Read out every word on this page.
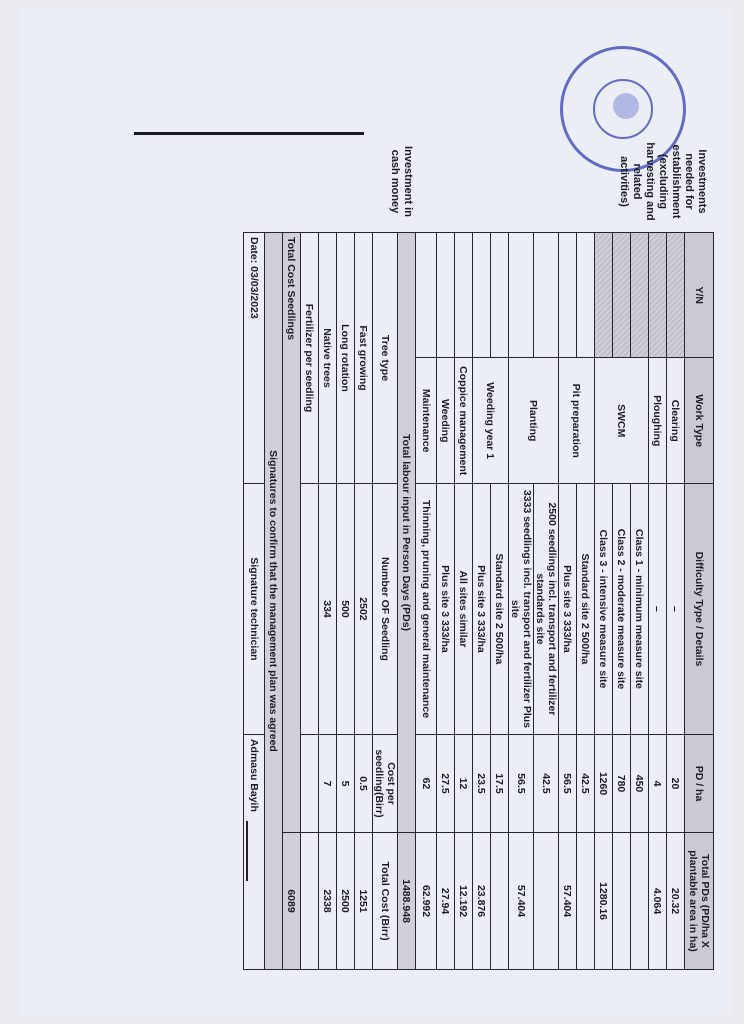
Investments needed for establishment (excluding harvesting and related activities)
Investment in cash money
Y/N	Work Type	Difficulty Type / Details	PD / ha	Total PDs (PD/ha X plantable area in ha)
	Clearing	–	20	20.32
	Ploughing	–	4	4.064
	SWCM	Class 1 - minimum measure site	450	
		Class 2 - moderate measure site	780	
		Class 3 - intensive measure site	1260	1280.16
	Pit preparation	Standard site 2 500/ha	42.5	
		Plus site 3 333/ha	56.5	57.404
	Planting	2500 seedlings incl. transport and fertilizer standards site	42.5	
		3333 seedlings incl. transport and fertilizer Plus site	56.5	57.404
	Weeding year 1	Standard site 2 500/ha	17.5	
		Plus site 3 333/ha	23.5	23.876
	Coppice management	All sites similar	12	12.192
	Weeding	Plus site 3 333/ha	27.5	27.94
	Maintenance	Thinning, pruning and general maintenance	62	62.992
Total labour input in Person Days (PDs)				1488.948
Tree type		Number OF Seedling	Cost per seedling(Birr)	Total Cost (Birr)
Fast growing		2502	0.5	1251
Long rotation		500	5	2500
Native trees		334	7	2338
Fertilizer per seedling				
Total Cost Seedlings				6089
Signatures to confirm that the management plan was agreed				
Date: 03/03/2023		Signature technician	Admasu Bayih	
